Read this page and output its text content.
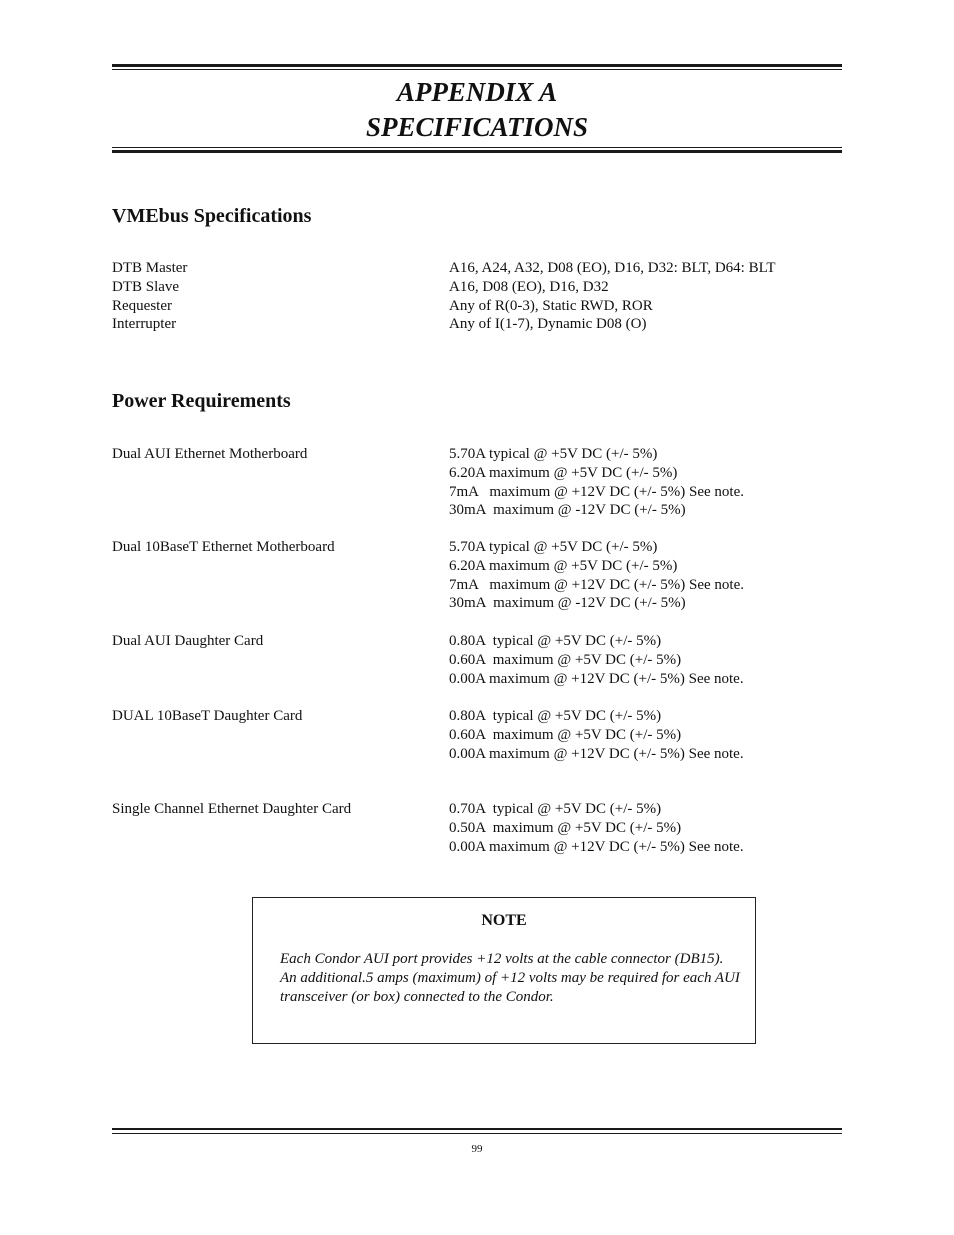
APPENDIX A
SPECIFICATIONS
VMEbus Specifications
DTB Master	A16, A24, A32, D08 (EO), D16, D32: BLT, D64: BLT
DTB Slave	A16, D08 (EO), D16, D32
Requester	Any of R(0-3), Static RWD, ROR
Interrupter	Any of I(1-7), Dynamic D08 (O)
Power Requirements
Dual AUI Ethernet Motherboard	5.70A typical @ +5V DC (+/- 5%)
6.20A maximum @ +5V DC (+/- 5%)
7mA   maximum @ +12V DC (+/- 5%) See note.
30mA  maximum @ -12V DC (+/- 5%)
Dual 10BaseT Ethernet Motherboard	5.70A typical @ +5V DC (+/- 5%)
6.20A maximum @ +5V DC (+/- 5%)
7mA   maximum @ +12V DC (+/- 5%) See note.
30mA  maximum @ -12V DC (+/- 5%)
Dual AUI Daughter Card	0.80A  typical @ +5V DC (+/- 5%)
0.60A  maximum @ +5V DC (+/- 5%)
0.00A maximum @ +12V DC (+/- 5%) See note.
DUAL 10BaseT Daughter Card	0.80A  typical @ +5V DC (+/- 5%)
0.60A  maximum @ +5V DC (+/- 5%)
0.00A maximum @ +12V DC (+/- 5%) See note.
Single Channel Ethernet Daughter Card	0.70A  typical @ +5V DC (+/- 5%)
0.50A  maximum @ +5V DC (+/- 5%)
0.00A maximum @ +12V DC (+/- 5%) See note.
NOTE
Each Condor AUI port provides +12 volts at the cable connector (DB15). An additional.5 amps (maximum) of +12 volts may be required for each AUI transceiver (or box) connected to the Condor.
99
